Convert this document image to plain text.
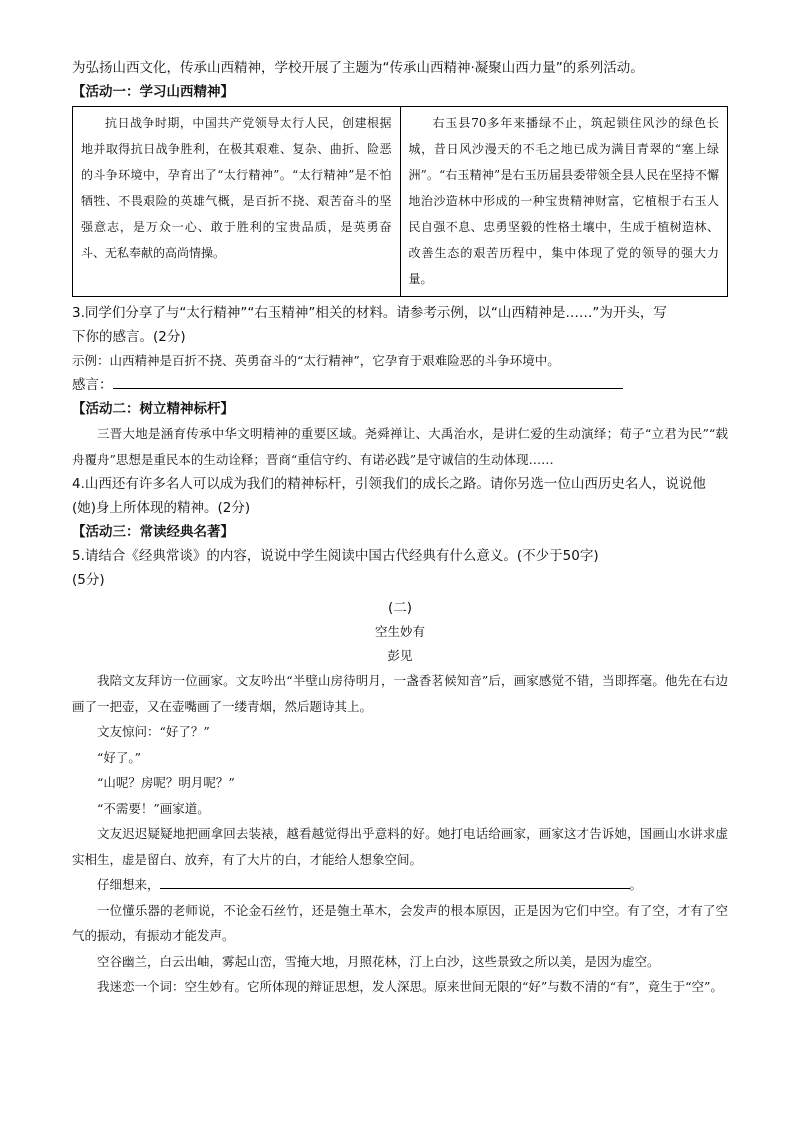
为弘扬山西文化，传承山西精神，学校开展了主题为“传承山西精神·凝聚山西力量”的系列活动。
【活动一：学习山西精神】
抗日战争时期，中国共产党领导太行人民，创建根据地并取得抗日战争胜利，在极其艰难、复杂、曲折、险恶的斗争环境中，孕育出了“太行精神”。“太行精神”是不怕牺牲、不畏艰险的英雄气概，是百折不挠、艰苦奋斗的坚强意志，是万众一心、敢于胜利的宝贵品质，是英勇奋斗、无私奉献的高尚情操。	右玉县70多年来播绿不止，筑起锁住风沙的绿色长城，昔日风沙漫天的不毛之地已成为满目青翠的“塞上绿洲”。“右玉精神”是右玉历届县委带领全县人民在坚持不懈地治沙造林中形成的一种宝贵精神财富，它植根于右玉人民自强不息、忠勇坚毅的性格土壤中，生成于植树造林、改善生态的艰苦历程中，集中体现了党的领导的强大力量。
3.同学们分享了与“太行精神”“右玉精神”相关的材料。请参考示例，以“山西精神是……”为开头，写
下你的感言。(2分)
示例：山西精神是百折不挠、英勇奋斗的“太行精神”，它孕育于艰难险恶的斗争环境中。
感言：
【活动二：树立精神标杆】
三晋大地是涵育传承中华文明精神的重要区域。尧舜禅让、大禹治水，是讲仁爱的生动演绎；荀子“立君为民”“载舟覆舟”思想是重民本的生动诠释；晋商“重信守约、有诺必践”是守诚信的生动体现……
4.山西还有许多名人可以成为我们的精神标杆，引领我们的成长之路。请你另选一位山西历史名人，说说他
(她)身上所体现的精神。(2分)
【活动三：常读经典名著】
5.请结合《经典常谈》的内容，说说中学生阅读中国古代经典有什么意义。(不少于50字)
(5分)
(二)
空生妙有
彭见
我陪文友拜访一位画家。文友吟出“半壁山房待明月，一盏香茗候知音”后，画家感觉不错，当即挥毫。他先在右边画了一把壶，又在壶嘴画了一缕青烟，然后题诗其上。
文友惊问：“好了？”
“好了。”
“山呢？房呢？明月呢？”
“不需要！”画家道。
文友迟迟疑疑地把画拿回去装裱，越看越觉得出乎意料的好。她打电话给画家，画家这才告诉她，国画山水讲求虚实相生，虚是留白、放弃，有了大片的白，才能给人想象空间。
仔细想来，	。
一位懂乐器的老师说，不论金石丝竹，还是匏土革木，会发声的根本原因，正是因为它们中空。有了空，才有了空气的振动，有振动才能发声。
空谷幽兰，白云出岫，雾起山峦，雪掩大地，月照花林，汀上白沙，这些景致之所以美，是因为虚空。
我迷恋一个词：空生妙有。它所体现的辩证思想，发人深思。原来世间无限的“好”与数不清的“有”，竟生于“空”。
